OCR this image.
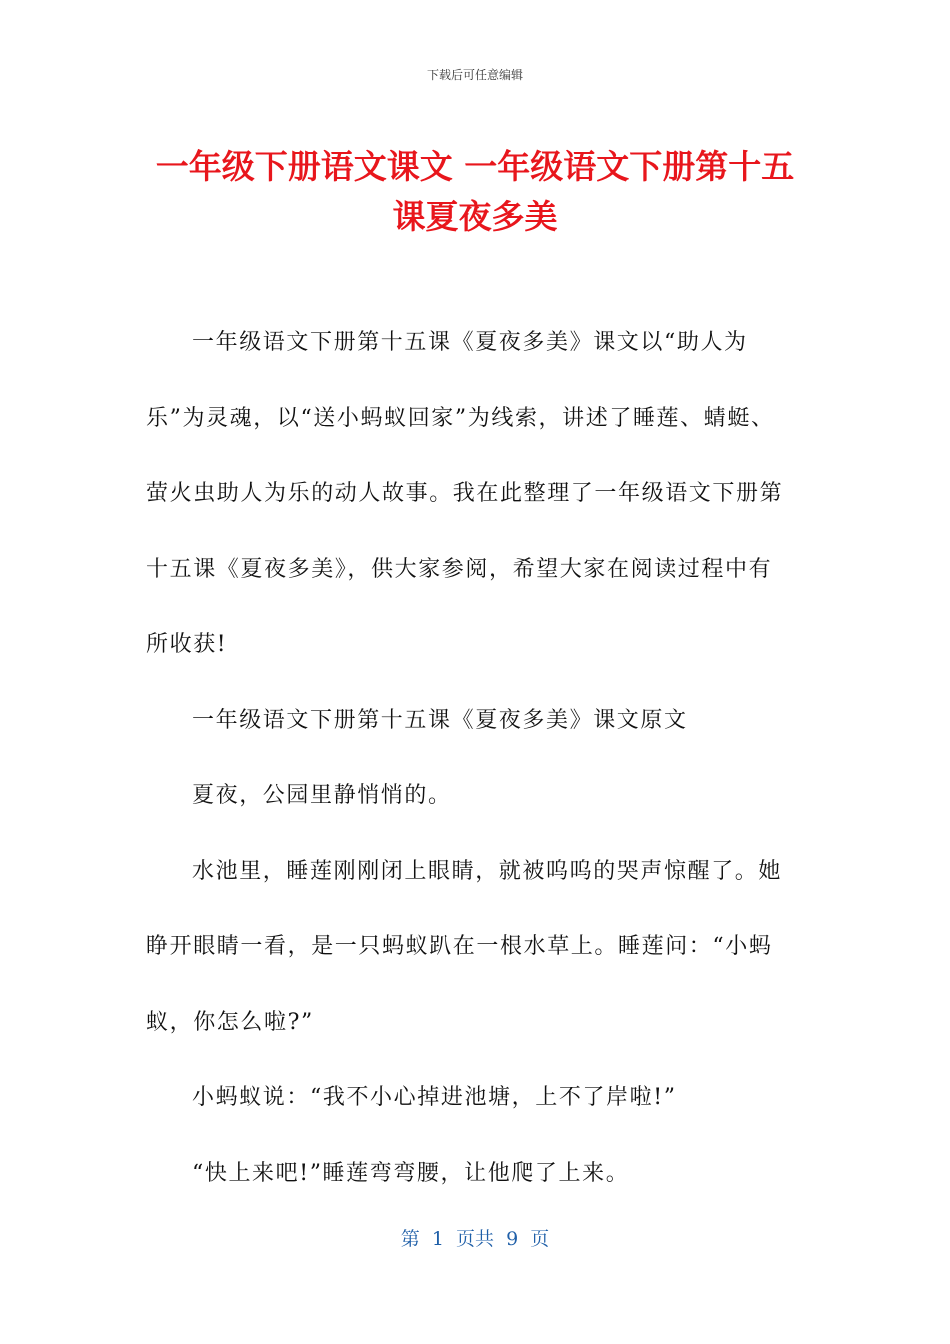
下载后可任意编辑
一年级下册语文课文 一年级语文下册第十五
课夏夜多美
一年级语文下册第十五课《夏夜多美》课文以“助人为
乐”为灵魂，以“送小蚂蚁回家”为线索，讲述了睡莲、蜻蜓、
萤火虫助人为乐的动人故事。我在此整理了一年级语文下册第
十五课《夏夜多美》，供大家参阅，希望大家在阅读过程中有
所收获!
一年级语文下册第十五课《夏夜多美》课文原文
夏夜，公园里静悄悄的。
水池里，睡莲刚刚闭上眼睛，就被呜呜的哭声惊醒了。她
睁开眼睛一看，是一只蚂蚁趴在一根水草上。睡莲问：“小蚂
蚁，你怎么啦?”
小蚂蚁说：“我不小心掉进池塘，上不了岸啦!”
“快上来吧!”睡莲弯弯腰，让他爬了上来。
第  1  页共  9  页
